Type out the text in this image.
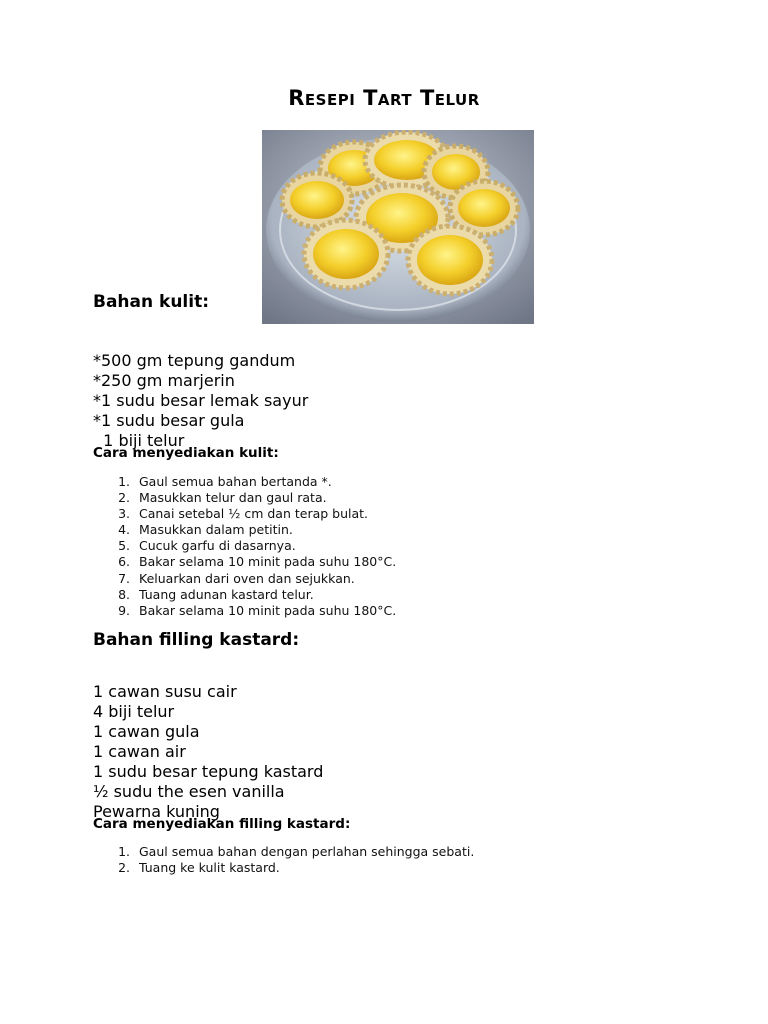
Resepi Tart Telur
Bahan kulit:

*500 gm tepung gandum
*250 gm marjerin
*1 sudu besar lemak sayur
*1 sudu besar gula
1 biji telur

Cara menyediakan kulit:
1. Gaul semua bahan bertanda *.
2. Masukkan telur dan gaul rata.
3. Canai setebal ½ cm dan terap bulat.
4. Masukkan dalam petitin.
5. Cucuk garfu di dasarnya.
6. Bakar selama 10 minit pada suhu 180°C.
7. Keluarkan dari oven dan sejukkan.
8. Tuang adunan kastard telur.
9. Bakar selama 10 minit pada suhu 180°C.
Bahan filling kastard:

1 cawan susu cair
4 biji telur
1 cawan gula
1 cawan air
1 sudu besar tepung kastard
½ sudu the esen vanilla
Pewarna kuning

Cara menyediakan filling kastard:
1. Gaul semua bahan dengan perlahan sehingga sebati.
2. Tuang ke kulit kastard.
